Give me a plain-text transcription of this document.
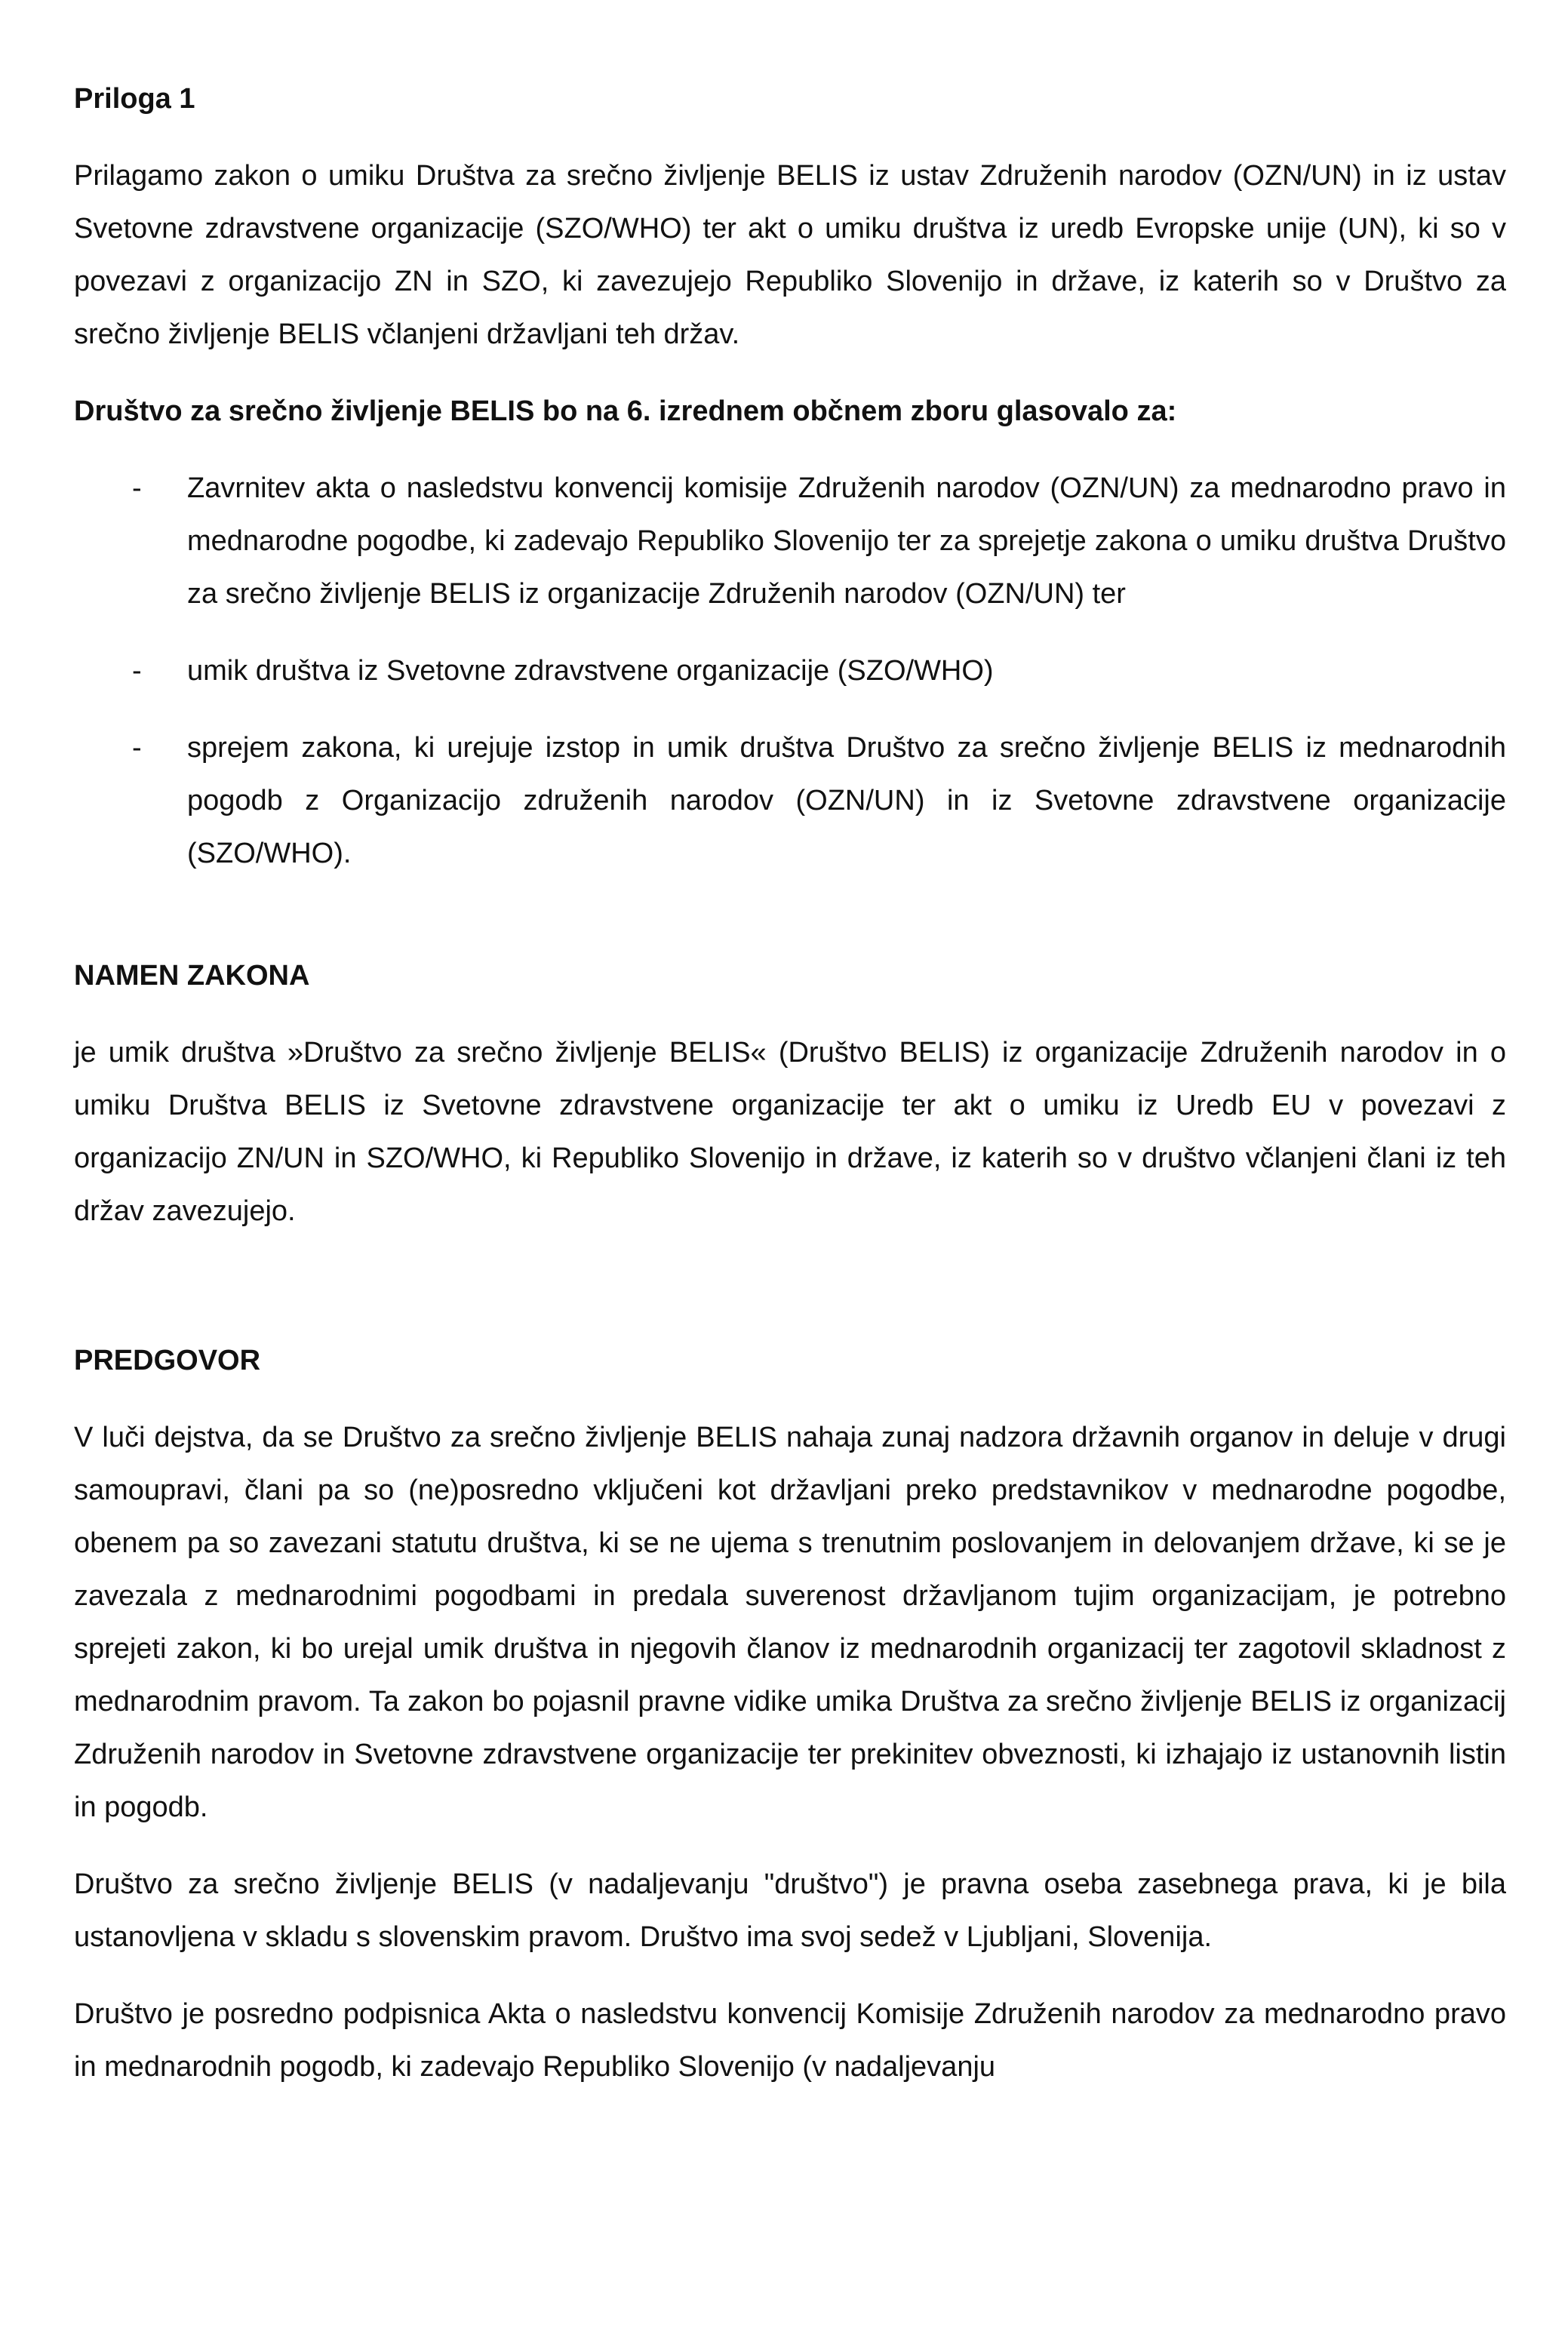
Priloga 1

Prilagamo zakon o umiku Društva za srečno življenje BELIS iz ustav Združenih narodov (OZN/UN) in iz ustav Svetovne zdravstvene organizacije (SZO/WHO) ter akt o umiku društva iz uredb Evropske unije (UN), ki so v povezavi z organizacijo ZN in SZO, ki zavezujejo Republiko Slovenijo in države, iz katerih so v Društvo za srečno življenje BELIS včlanjeni državljani teh držav.

Društvo za srečno življenje BELIS bo na 6. izrednem občnem zboru glasovalo za:

- Zavrnitev akta o nasledstvu konvencij komisije Združenih narodov (OZN/UN) za mednarodno pravo in mednarodne pogodbe, ki zadevajo Republiko Slovenijo ter za sprejetje zakona o umiku društva Društvo za srečno življenje BELIS iz organizacije Združenih narodov (OZN/UN) ter
- umik društva iz Svetovne zdravstvene organizacije (SZO/WHO)
- sprejem zakona, ki urejuje izstop in umik društva Društvo za srečno življenje BELIS iz mednarodnih pogodb z Organizacijo združenih narodov (OZN/UN) in iz Svetovne zdravstvene organizacije (SZO/WHO).

NAMEN ZAKONA

je umik društva »Društvo za srečno življenje BELIS« (Društvo BELIS) iz organizacije Združenih narodov in o umiku Društva BELIS iz Svetovne zdravstvene organizacije ter akt o umiku iz Uredb EU v povezavi z organizacijo ZN/UN in SZO/WHO, ki Republiko Slovenijo in države, iz katerih so v društvo včlanjeni člani iz teh držav zavezujejo.

PREDGOVOR

V luči dejstva, da se Društvo za srečno življenje BELIS nahaja zunaj nadzora državnih organov in deluje v drugi samoupravi, člani pa so (ne)posredno vključeni kot državljani preko predstavnikov v mednarodne pogodbe, obenem pa so zavezani statutu društva, ki se ne ujema s trenutnim poslovanjem in delovanjem države, ki se je zavezala z mednarodnimi pogodbami in predala suverenost državljanom tujim organizacijam, je potrebno sprejeti zakon, ki bo urejal umik društva in njegovih članov iz mednarodnih organizacij ter zagotovil skladnost z mednarodnim pravom. Ta zakon bo pojasnil pravne vidike umika Društva za srečno življenje BELIS iz organizacij Združenih narodov in Svetovne zdravstvene organizacije ter prekinitev obveznosti, ki izhajajo iz ustanovnih listin in pogodb.

Društvo za srečno življenje BELIS (v nadaljevanju "društvo") je pravna oseba zasebnega prava, ki je bila ustanovljena v skladu s slovenskim pravom. Društvo ima svoj sedež v Ljubljani, Slovenija.

Društvo je posredno podpisnica Akta o nasledstvu konvencij Komisije Združenih narodov za mednarodno pravo in mednarodnih pogodb, ki zadevajo Republiko Slovenijo (v nadaljevanju
